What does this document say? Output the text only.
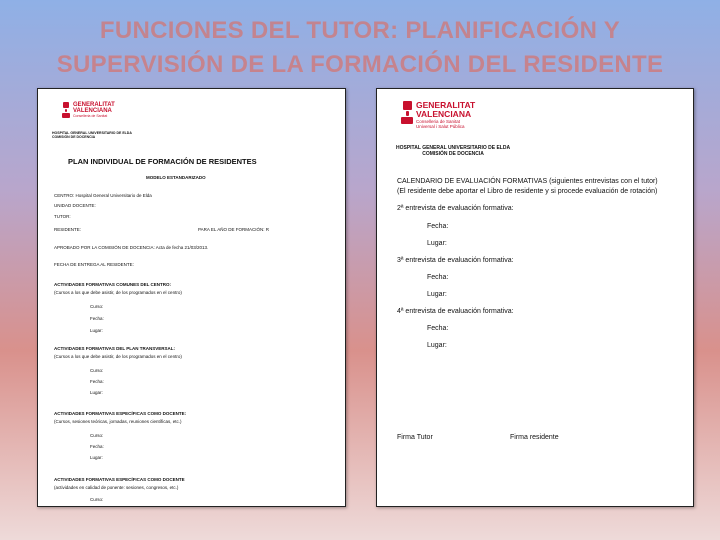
FUNCIONES DEL TUTOR: PLANIFICACIÓN Y
SUPERVISIÓN DE LA FORMACIÓN DEL RESIDENTE
GENERALITAT
VALENCIANA
Conselleria de Sanitat
HOSPITAL GENERAL UNIVERSITARIO DE ELDA
COMISIÓN DE DOCENCIA
PLAN INDIVIDUAL DE FORMACIÓN DE RESIDENTES
MODELO ESTANDARIZADO
CENTRO: Hospital General Universitario de Elda
UNIDAD DOCENTE:
TUTOR:
RESIDENTE:	PARA EL AÑO DE FORMACIÓN: R
APROBADO POR LA COMISIÓN DE DOCENCIA: Acta de fecha 21/03/2013.
FECHA DE ENTREGA AL RESIDENTE:
ACTIVIDADES FORMATIVAS COMUNES DEL CENTRO:
(Cursos a los que debe asistir, de los programados en el centro)
Curso:
Fecha:
Lugar:
ACTIVIDADES FORMATIVAS DEL PLAN TRANSVERSAL:
(Cursos a los que debe asistir, de los programados en el centro)
Curso:
Fecha:
Lugar:
ACTIVIDADES FORMATIVAS ESPECÍFICAS COMO DOCENTE:
(Cursos, sesiones teóricas, jornadas, reuniones científicas, etc.)
Curso:
Fecha:
Lugar:
ACTIVIDADES FORMATIVAS ESPECÍFICAS COMO DOCENTE
(actividades en calidad de ponente: sesiones, congresos, etc.)
Curso:
GENERALITAT
VALENCIANA
Conselleria de Sanitat
Universal i Salut Pública
HOSPITAL GENERAL UNIVERSITARIO DE ELDA
COMISIÓN DE DOCENCIA
CALENDARIO DE EVALUACIÓN FORMATIVAS (siguientes entrevistas con el tutor)
(El residente debe aportar el Libro de residente y si procede evaluación de rotación)
2ª entrevista de evaluación formativa:
Fecha:
Lugar:
3ª entrevista de evaluación formativa:
Fecha:
Lugar:
4ª entrevista de evaluación formativa:
Fecha:
Lugar:
Firma Tutor	Firma residente
